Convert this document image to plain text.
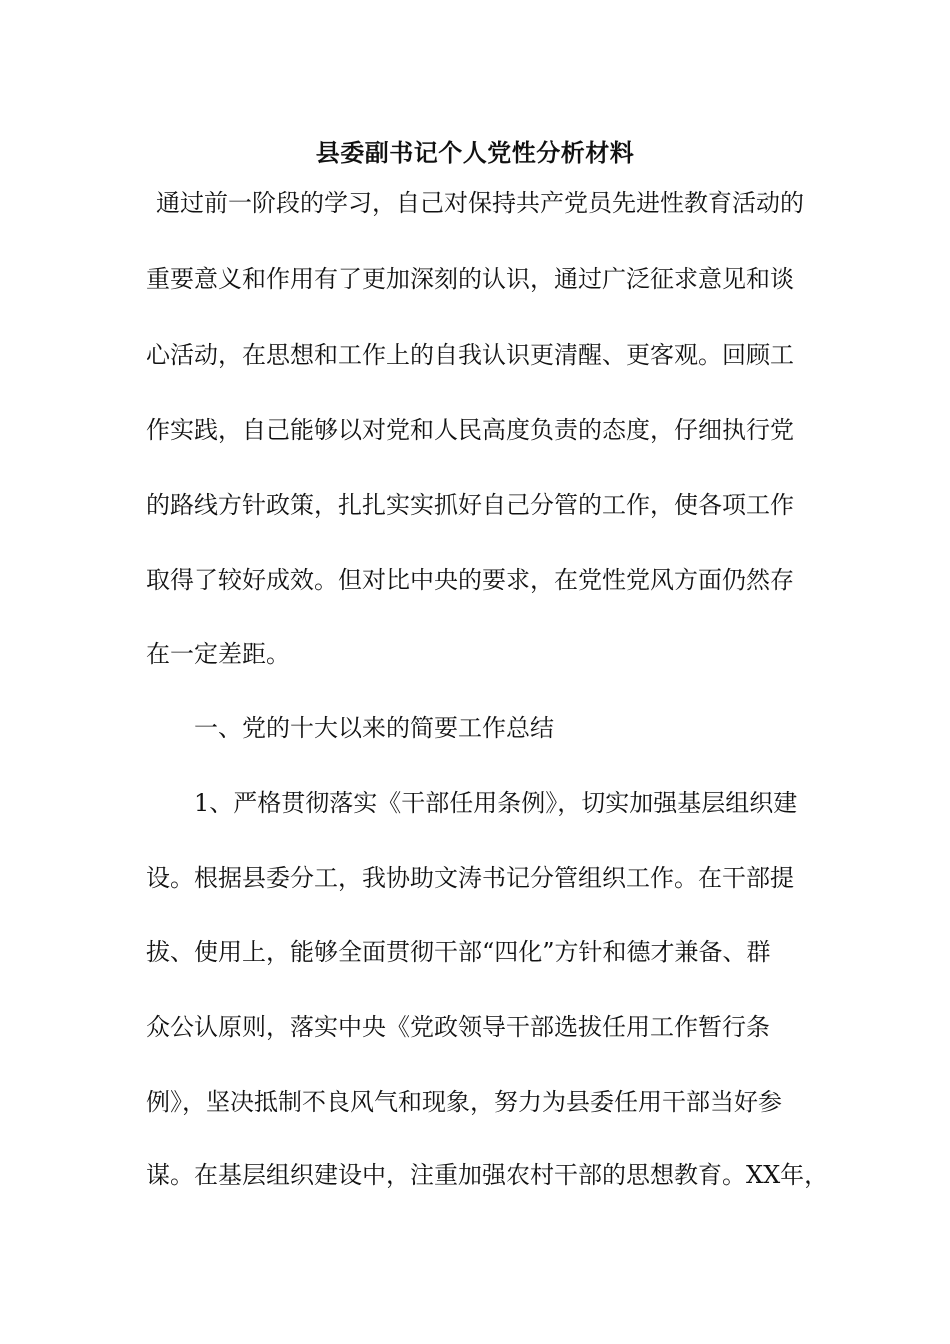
县委副书记个人党性分析材料
通过前一阶段的学习，自己对保持共产党员先进性教育活动的
重要意义和作用有了更加深刻的认识，通过广泛征求意见和谈
心活动，在思想和工作上的自我认识更清醒、更客观。回顾工
作实践，自己能够以对党和人民高度负责的态度，仔细执行党
的路线方针政策，扎扎实实抓好自己分管的工作，使各项工作
取得了较好成效。但对比中央的要求，在党性党风方面仍然存
在一定差距。
一、党的十大以来的简要工作总结
1、严格贯彻落实《干部任用条例》，切实加强基层组织建
设。根据县委分工，我协助文涛书记分管组织工作。在干部提
拔、使用上，能够全面贯彻干部“四化”方针和德才兼备、群
众公认原则，落实中央《党政领导干部选拔任用工作暂行条
例》，坚决抵制不良风气和现象，努力为县委任用干部当好参
谋。在基层组织建设中，注重加强农村干部的思想教育。XX年，
